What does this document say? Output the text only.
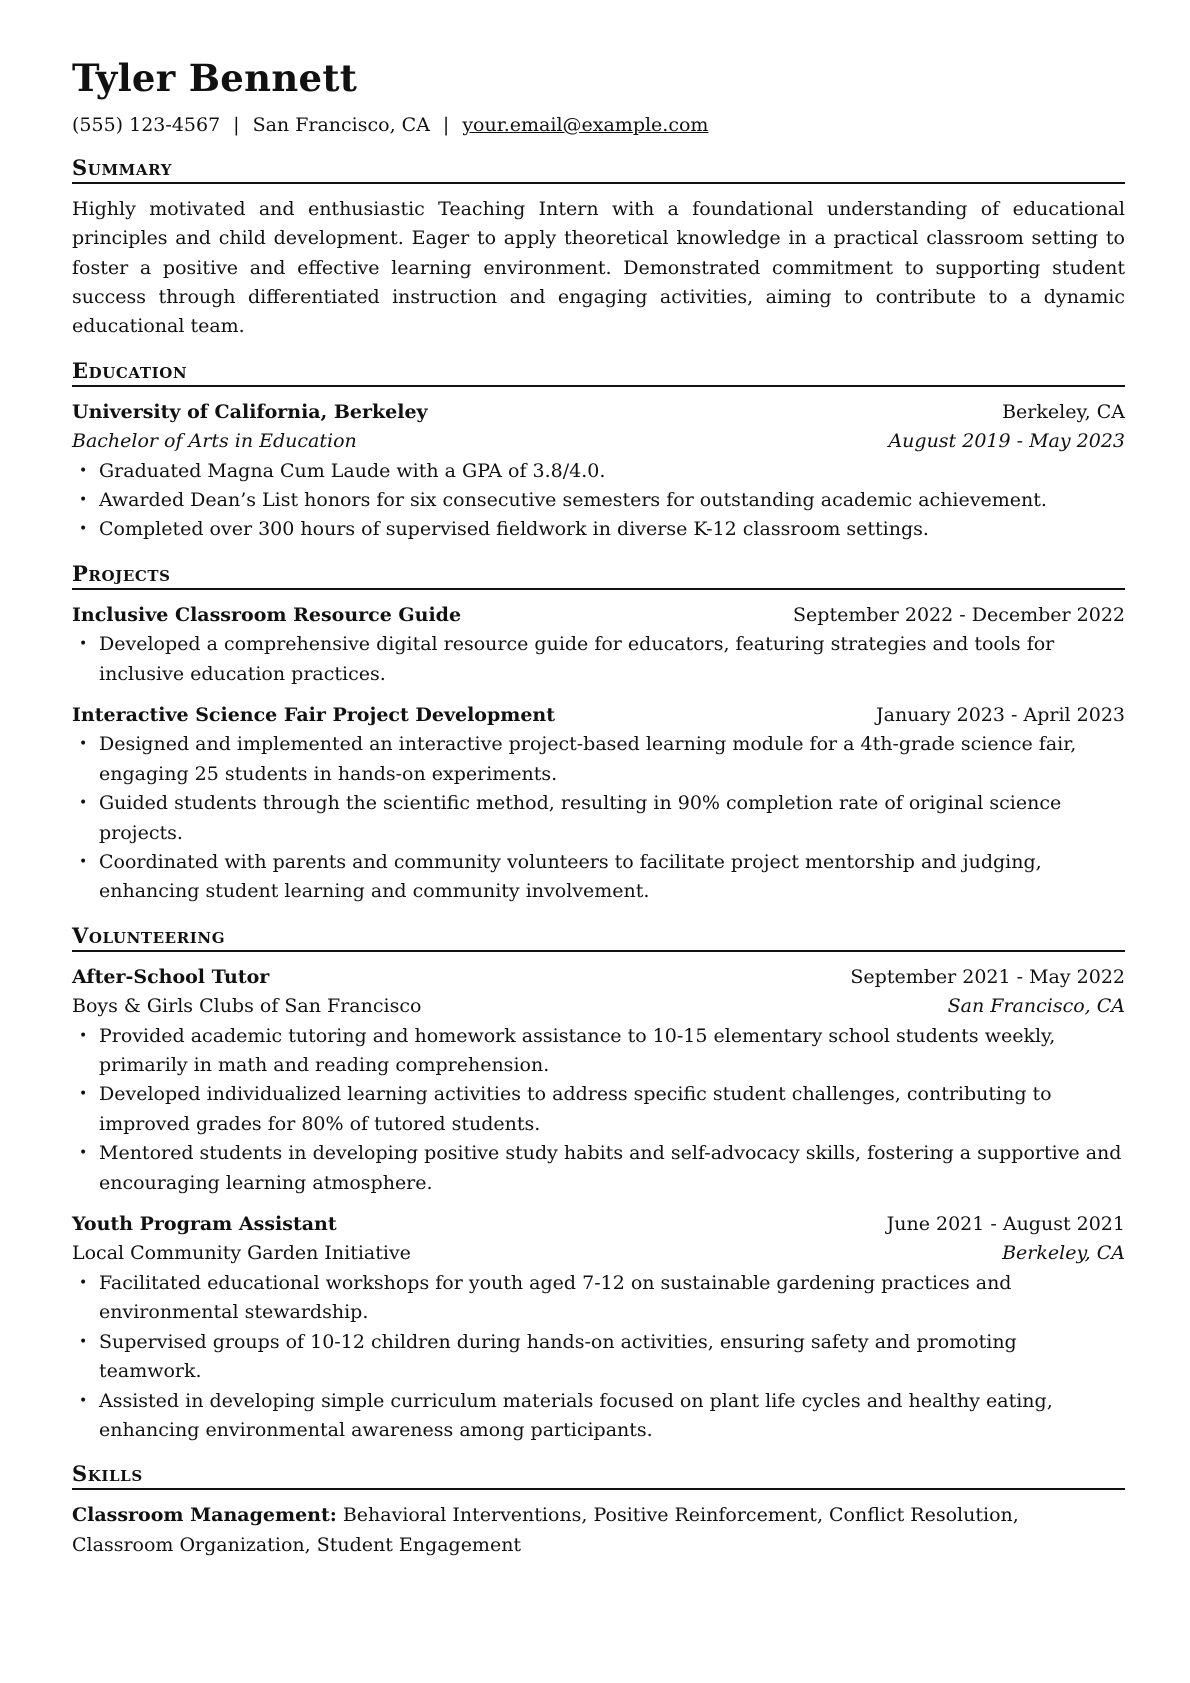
Tyler Bennett
(555) 123-4567 | San Francisco, CA | your.email@example.com
Summary

Highly motivated and enthusiastic Teaching Intern with a foundational understanding of educational principles and child development. Eager to apply theoretical knowledge in a practical classroom setting to foster a positive and effective learning environment. Demonstrated commitment to supporting student success through differentiated instruction and engaging activities, aiming to contribute to a dynamic educational team.

Education
University of California, Berkeley	Berkeley, CA
Bachelor of Arts in Education	August 2019 - May 2023
• Graduated Magna Cum Laude with a GPA of 3.8/4.0.
• Awarded Dean’s List honors for six consecutive semesters for outstanding academic achievement.
• Completed over 300 hours of supervised fieldwork in diverse K-12 classroom settings.
Projects
Inclusive Classroom Resource Guide	September 2022 - December 2022
• Developed a comprehensive digital resource guide for educators, featuring strategies and tools for inclusive education practices.
Interactive Science Fair Project Development	January 2023 - April 2023
• Designed and implemented an interactive project-based learning module for a 4th-grade science fair, engaging 25 students in hands-on experiments.
• Guided students through the scientific method, resulting in 90% completion rate of original science projects.
• Coordinated with parents and community volunteers to facilitate project mentorship and judging, enhancing student learning and community involvement.
Volunteering
After-School Tutor	September 2021 - May 2022
Boys & Girls Clubs of San Francisco	San Francisco, CA
• Provided academic tutoring and homework assistance to 10-15 elementary school students weekly, primarily in math and reading comprehension.
• Developed individualized learning activities to address specific student challenges, contributing to improved grades for 80% of tutored students.
• Mentored students in developing positive study habits and self-advocacy skills, fostering a supportive and encouraging learning atmosphere.
Youth Program Assistant	June 2021 - August 2021
Local Community Garden Initiative	Berkeley, CA
• Facilitated educational workshops for youth aged 7-12 on sustainable gardening practices and environmental stewardship.
• Supervised groups of 10-12 children during hands-on activities, ensuring safety and promoting teamwork.
• Assisted in developing simple curriculum materials focused on plant life cycles and healthy eating, enhancing environmental awareness among participants.
Skills

Classroom Management: Behavioral Interventions, Positive Reinforcement, Conflict Resolution, Classroom Organization, Student Engagement
